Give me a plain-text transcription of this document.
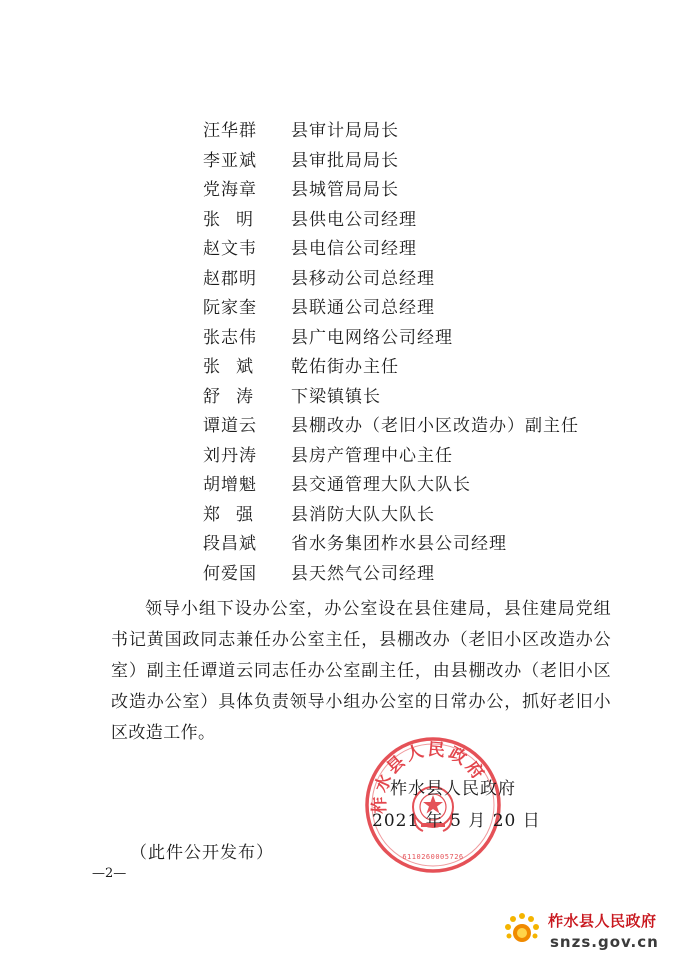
汪华群	县审计局局长
李亚斌	县审批局局长
党海章	县城管局局长
张明	县供电公司经理
赵文韦	县电信公司经理
赵郡明	县移动公司总经理
阮家奎	县联通公司总经理
张志伟	县广电网络公司经理
张斌	乾佑街办主任
舒涛	下梁镇镇长
谭道云	县棚改办（老旧小区改造办）副主任
刘丹涛	县房产管理中心主任
胡增魁	县交通管理大队大队长
郑强	县消防大队大队长
段昌斌	省水务集团柞水县公司经理
何爱国	县天然气公司经理

领导小组下设办公室，办公室设在县住建局，县住建局党组书记黄国政同志兼任办公室主任，县棚改办（老旧小区改造办公室）副主任谭道云同志任办公室副主任，由县棚改办（老旧小区改造办公室）具体负责领导小组办公室的日常办公，抓好老旧小区改造工作。

柞水县人民政府
6110260005726
柞水县人民政府
2021 年 5 月 20 日
（此件公开发布）
—2—
柞水县人民政府
snzs.gov.cn
